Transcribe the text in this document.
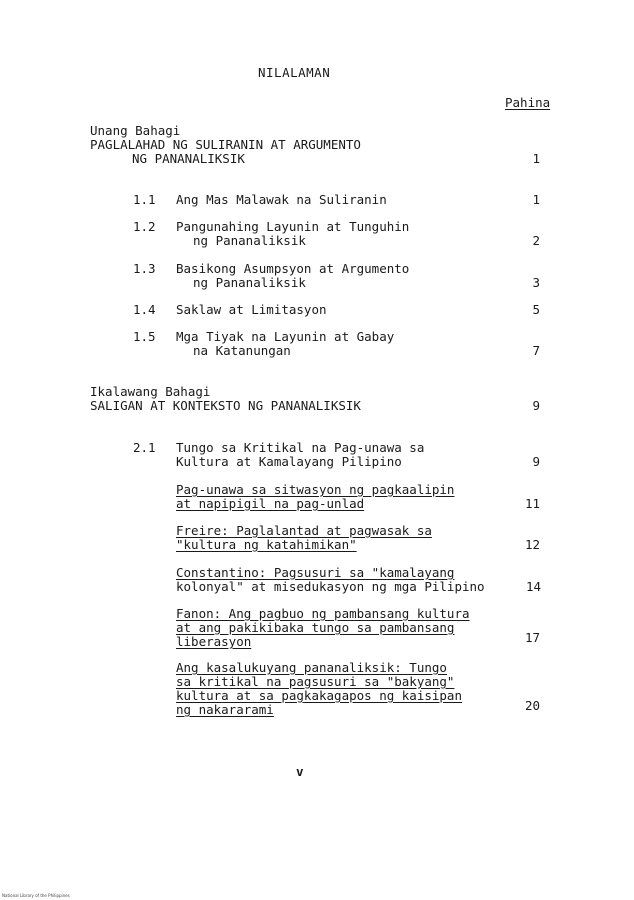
NILALAMAN
Pahina
Unang Bahagi
PAGLALAHAD NG SULIRANIN AT ARGUMENTO
NG PANANALIKSIK	1
1.1 Ang Mas Malawak na Suliranin	1
1.2 Pangunahing Layunin at Tunguhin
ng Pananaliksik	2
1.3 Basikong Asumpsyon at Argumento
ng Pananaliksik	3
1.4 Saklaw at Limitasyon	5
1.5 Mga Tiyak na Layunin at Gabay
na Katanungan	7
Ikalawang Bahagi
SALIGAN AT KONTEKSTO NG PANANALIKSIK	9
2.1 Tungo sa Kritikal na Pag-unawa sa
Kultura at Kamalayang Pilipino	9
Pag-unawa sa sitwasyon ng pagkaalipin
at napipigil na pag-unlad	11
Freire: Paglalantad at pagwasak sa
"kultura ng katahimikan"	12
Constantino: Pagsusuri sa "kamalayang
kolonyal" at misedukasyon ng mga Pilipino	14
Fanon: Ang pagbuo ng pambansang kultura
at ang pakikibaka tungo sa pambansang
liberasyon	17
Ang kasalukuyang pananaliksik: Tungo
sa kritikal na pagsusuri sa "bakyang"
kultura at sa pagkakagapos ng kaisipan
ng nakararami	20
v
National Library of the Philippines
